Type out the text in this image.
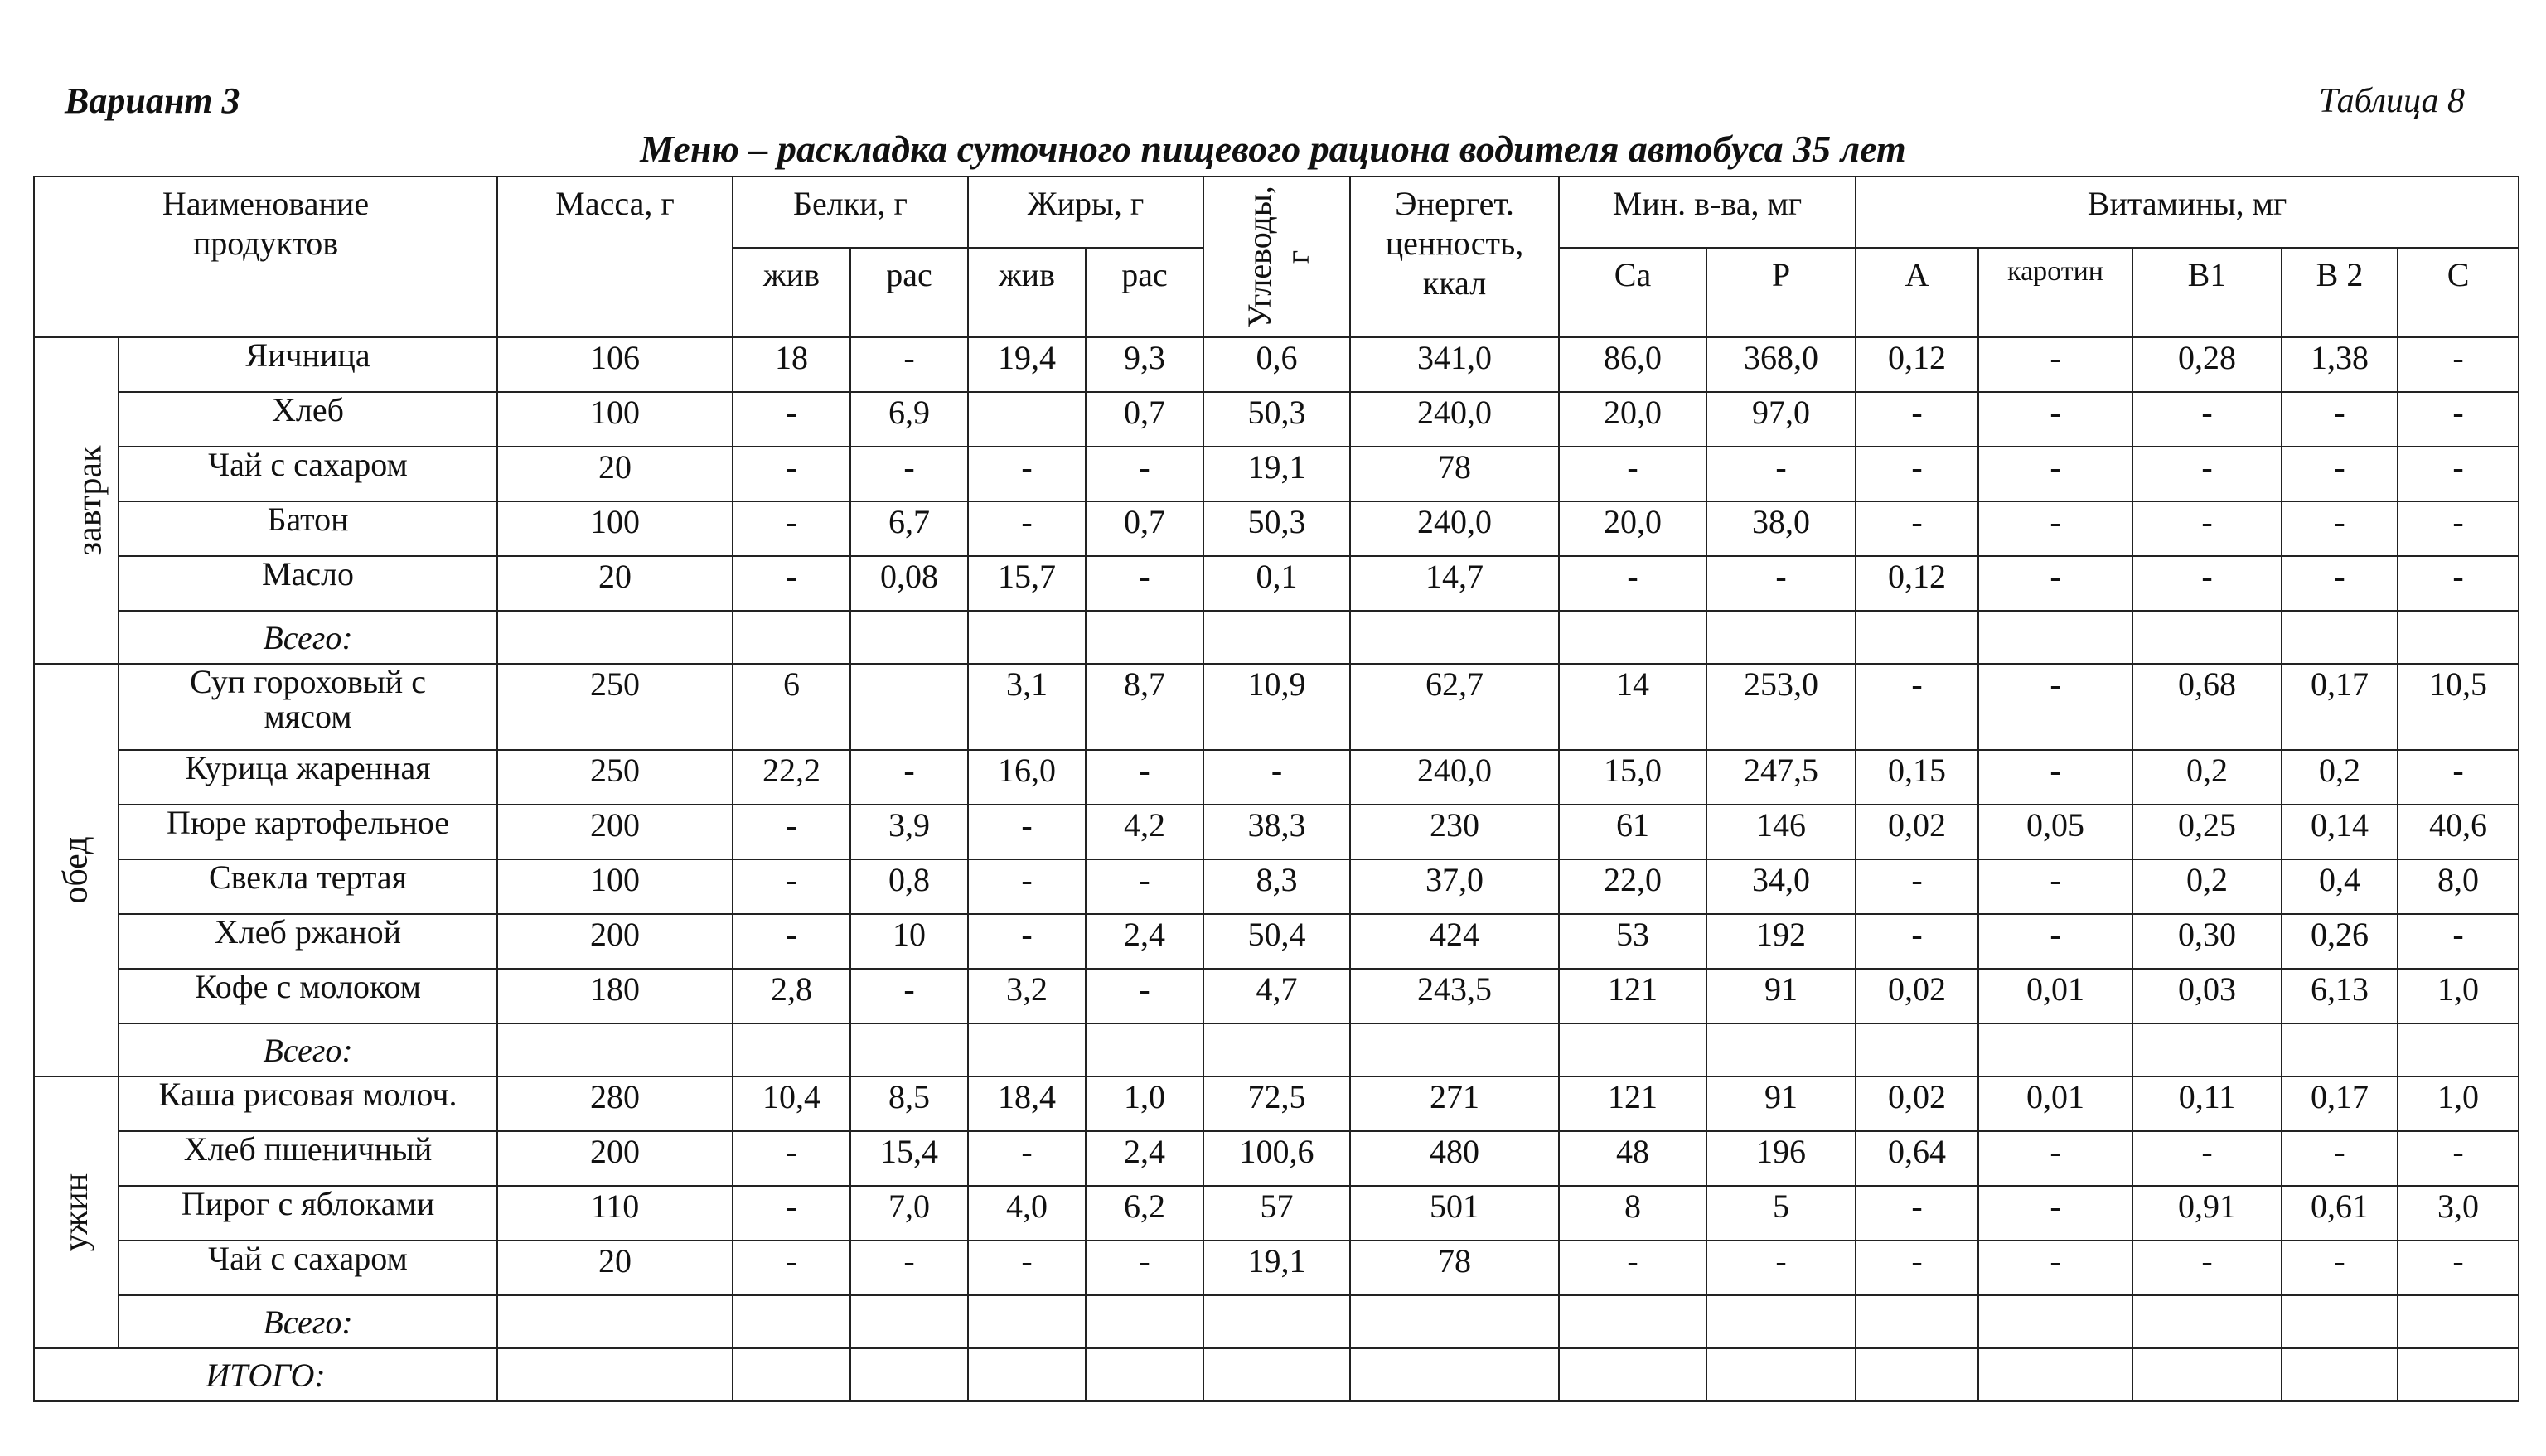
Вариант 3	Таблица 8
Меню – раскладка суточного пищевого рациона водителя автобуса 35 лет
Наименование продуктов		Масса, г	Белки, г		Жиры, г		Углеводы, г	Энергет. ценность, ккал	Мин. в-ва, мг		Витамины, мг				
			жив	рас	жив	рас			Ca	P	A	каротин	B1	B 2	C
завтрак	Яичница	106	18	-	19,4	9,3	0,6	341,0	86,0	368,0	0,12	-	0,28	1,38	-
	Хлеб	100	-	6,9		0,7	50,3	240,0	20,0	97,0	-	-	-	-	-
	Чай с сахаром	20	-	-	-	-	19,1	78	-	-	-	-	-	-	-
	Батон	100	-	6,7	-	0,7	50,3	240,0	20,0	38,0	-	-	-	-	-
	Масло	20	-	0,08	15,7	-	0,1	14,7	-	-	0,12	-	-	-	-
	Всего:														
обед	Суп гороховый с мясом	250	6		3,1	8,7	10,9	62,7	14	253,0	-	-	0,68	0,17	10,5
	Курица жаренная	250	22,2	-	16,0	-	-	240,0	15,0	247,5	0,15	-	0,2	0,2	-
	Пюре картофельное	200	-	3,9	-	4,2	38,3	230	61	146	0,02	0,05	0,25	0,14	40,6
	Свекла тертая	100	-	0,8	-	-	8,3	37,0	22,0	34,0	-	-	0,2	0,4	8,0
	Хлеб ржаной	200	-	10	-	2,4	50,4	424	53	192	-	-	0,30	0,26	-
	Кофе с молоком	180	2,8	-	3,2	-	4,7	243,5	121	91	0,02	0,01	0,03	6,13	1,0
	Всего:														
ужин	Каша рисовая молоч.	280	10,4	8,5	18,4	1,0	72,5	271	121	91	0,02	0,01	0,11	0,17	1,0
	Хлеб пшеничный	200	-	15,4	-	2,4	100,6	480	48	196	0,64	-	-	-	-
	Пирог с яблоками	110	-	7,0	4,0	6,2	57	501	8	5	-	-	0,91	0,61	3,0
	Чай с сахаром	20	-	-	-	-	19,1	78	-	-	-	-	-	-	-
	Всего:														
ИТОГО:															
